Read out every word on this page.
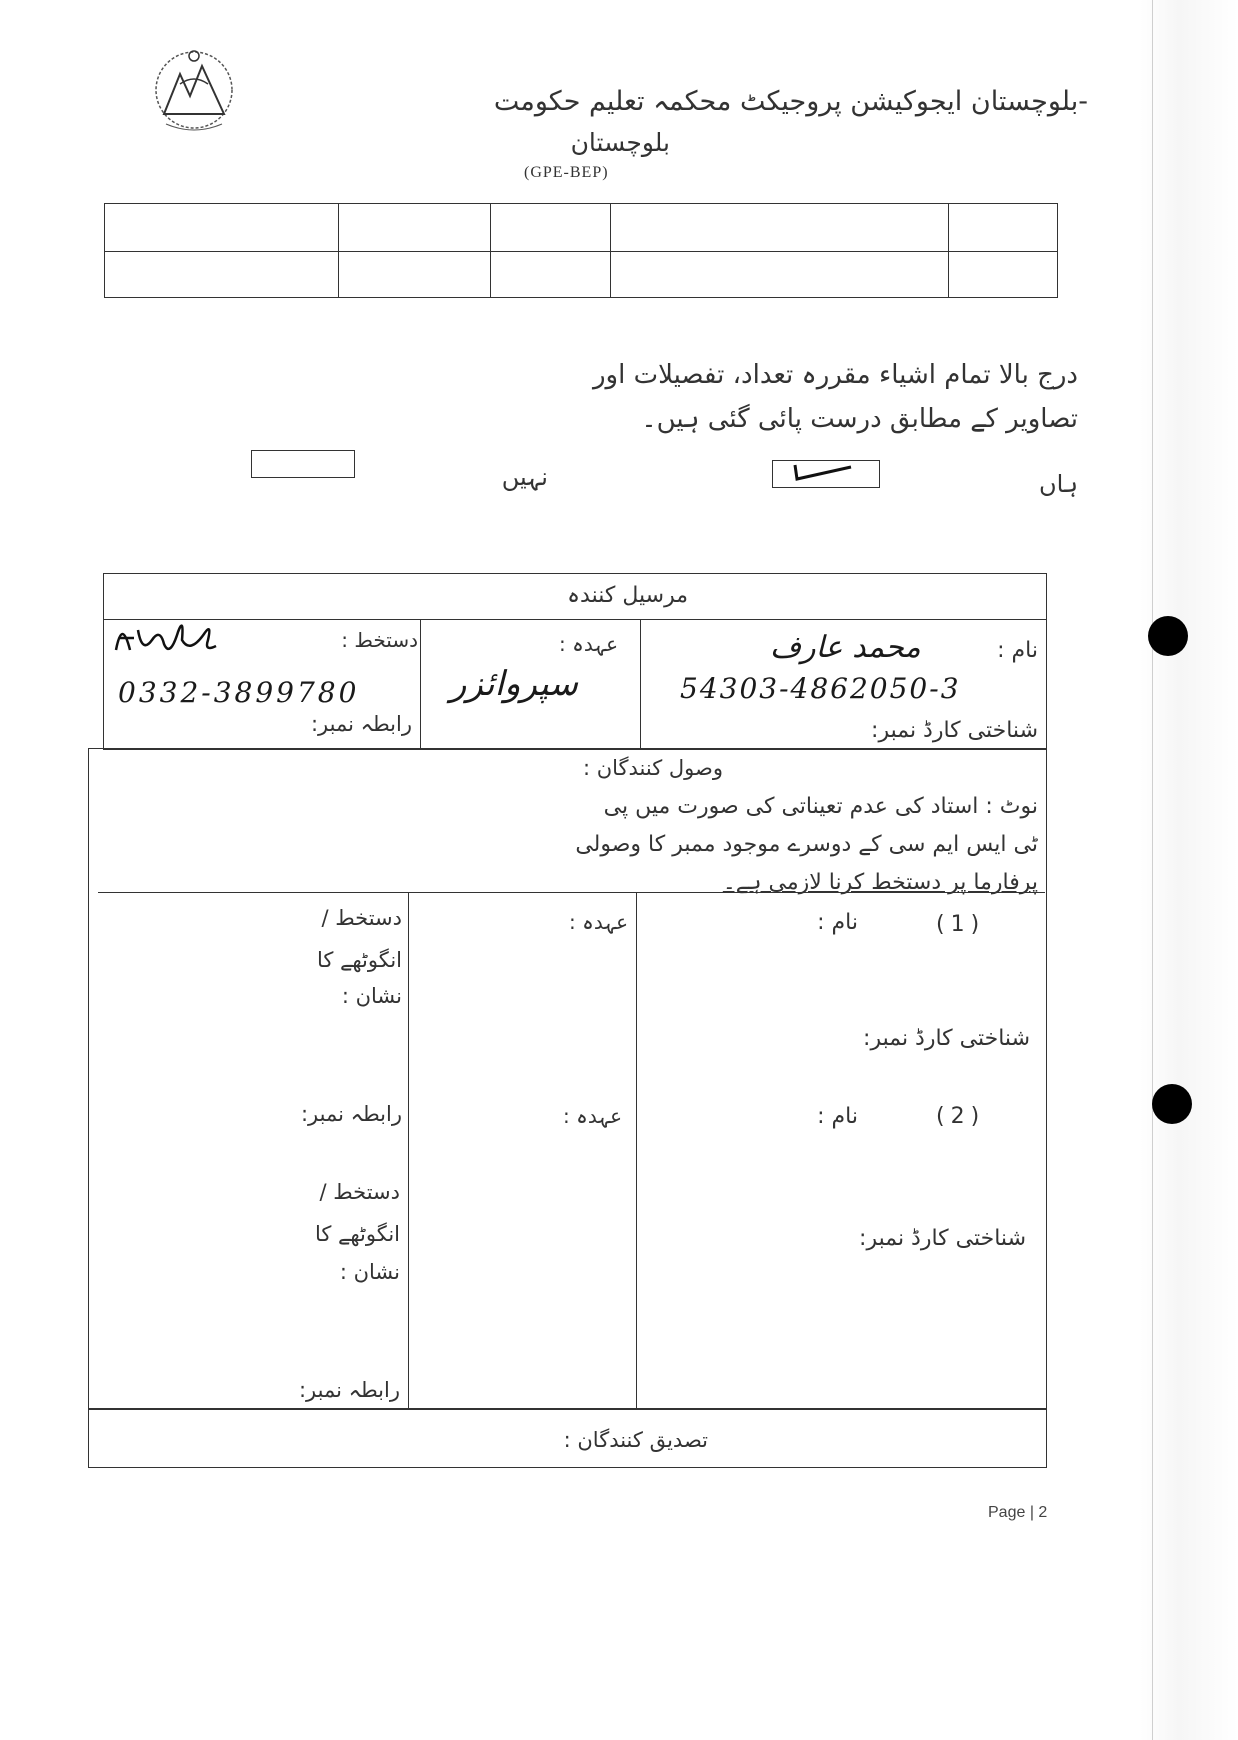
-بلوچستان ایجوکیشن پروجیکٹ محکمہ تعلیم حکومت
بلوچستان
(GPE-BEP)
درج بالا تمام اشیاء مقررہ تعداد، تفصیلات اور
تصاویر کے مطابق درست پائی گئی ہیں۔
ہاں
نہیں
مرسیل کنندہ
نام :
محمد عارف
54303-4862050-3
شناختی کارڈ نمبر:
عہدہ :
سپروائزر
دستخط :
0332-3899780
رابطہ نمبر:
وصول کنندگان :
نوٹ : استاد کی عدم تعیناتی کی صورت میں پی
ٹی ایس ایم سی کے دوسرے موجود ممبر کا وصولی
پرفارما پر دستخط کرنا لازمی ہے۔
(1)
نام :
شناختی کارڈ نمبر:
عہدہ :
دستخط /
انگوٹھے کا
نشان :
رابطہ نمبر:	(2)
نام :
شناختی کارڈ نمبر:
عہدہ :
دستخط /
انگوٹھے کا
نشان :
رابطہ نمبر:
تصدیق کنندگان :
Page | 2
